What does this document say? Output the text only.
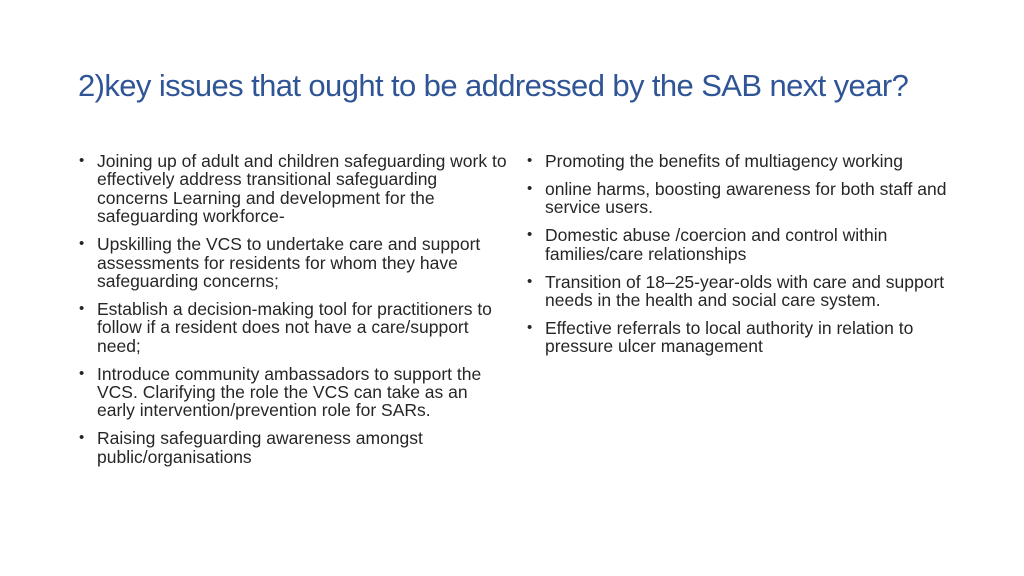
2)key issues that ought to be addressed by the SAB next year?
• Joining up of adult and children safeguarding work to effectively address transitional safeguarding concerns Learning and development for the safeguarding workforce-
• Upskilling the VCS to undertake care and support assessments for residents for whom they have safeguarding concerns;
• Establish a decision-making tool for practitioners to follow if a resident does not have a care/support need;
• Introduce community ambassadors to support the VCS. Clarifying the role the VCS can take as an early intervention/prevention role for SARs.
• Raising safeguarding awareness amongst public/organisations
• Promoting the benefits of multiagency working
• online harms, boosting awareness for both staff and service users.
• Domestic abuse /coercion and control within families/care relationships
• Transition of 18–25-year-olds with care and support needs in the health and social care system.
• Effective referrals to local authority in relation to pressure ulcer management
